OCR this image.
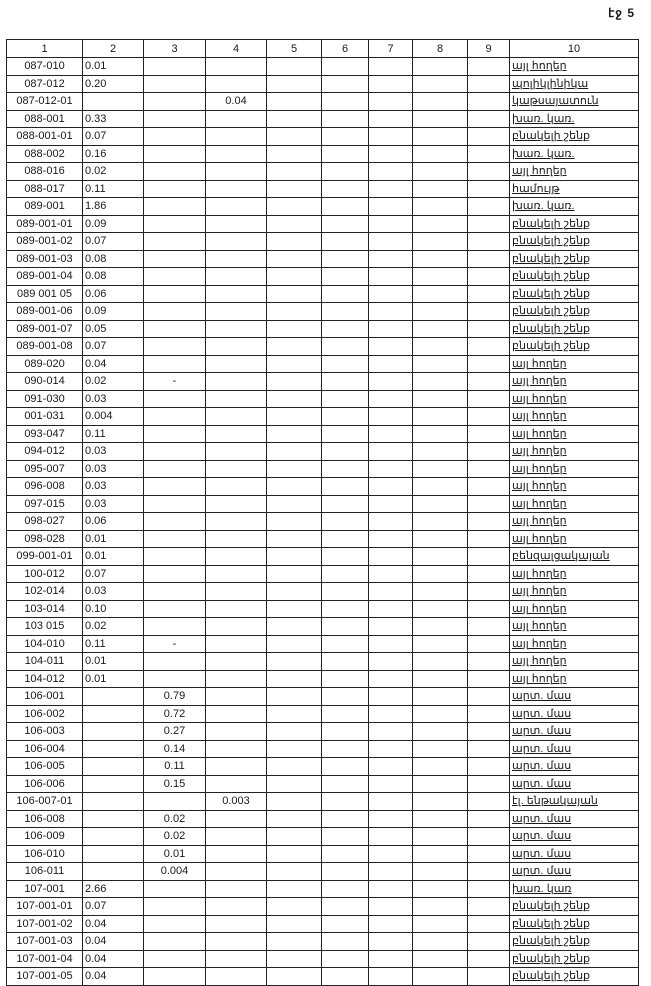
էջ 5
1	2	3	4	5	6	7	8	9	10
087-010	0.01								այլ հողեր
087-012	0.20								պոլիկլինիկա
087-012-01			0.04						կաթսայատուն
088-001	0.33								խառ. կառ.
088-001-01	0.07								բնակելի շենք
088-002	0.16								խառ. կառ.
088-016	0.02								այլ հողեր
088-017	0.11								համույթ
089-001	1.86								խառ. կառ.
089-001-01	0.09								բնակելի շենք
089-001-02	0.07								բնակելի շենք
089-001-03	0.08								բնակելի շենք
089-001-04	0.08								բնակելի շենք
089 001 05	0.06								բնակելի շենք
089-001-06	0.09								բնակելի շենք
089-001-07	0.05								բնակելի շենք
089-001-08	0.07								բնակելի շենք
089-020	0.04								այլ հողեր
090-014	0.02	-							այլ հողեր
091-030	0.03								այլ հողեր
001-031	0.004								այլ հողեր
093-047	0.11								այլ հողեր
094-012	0.03								այլ հողեր
095-007	0.03								այլ հողեր
096-008	0.03								այլ հողեր
097-015	0.03								այլ հողեր
098-027	0.06								այլ հողեր
098-028	0.01								այլ հողեր
099-001-01	0.01								բենզալցակայան
100-012	0.07								այլ հողեր
102-014	0.03								այլ հողեր
103-014	0.10								այլ հողեր
103 015	0.02								այլ հողեր
104-010	0.11	-							այլ հողեր
104-011	0.01								այլ հողեր
104-012	0.01								այլ հողեր
106-001		0.79							արտ. մաս
106-002		0.72							արտ. մաս
106-003		0.27							արտ. մաս
106-004		0.14							արտ. մաս
106-005		0.11							արտ. մաս
106-006		0.15							արտ. մաս
106-007-01			0.003						էլ. ենթակայան
106-008		0.02							արտ. մաս
106-009		0.02							արտ. մաս
106-010		0.01							արտ. մաս
106-011		0.004							արտ. մաս
107-001	2.66								խառ. կառ
107-001-01	0.07								բնակելի շենք
107-001-02	0.04								բնակելի շենք
107-001-03	0.04								բնակելի շենք
107-001-04	0.04								բնակելի շենք
107-001-05	0.04								բնակելի շենք
